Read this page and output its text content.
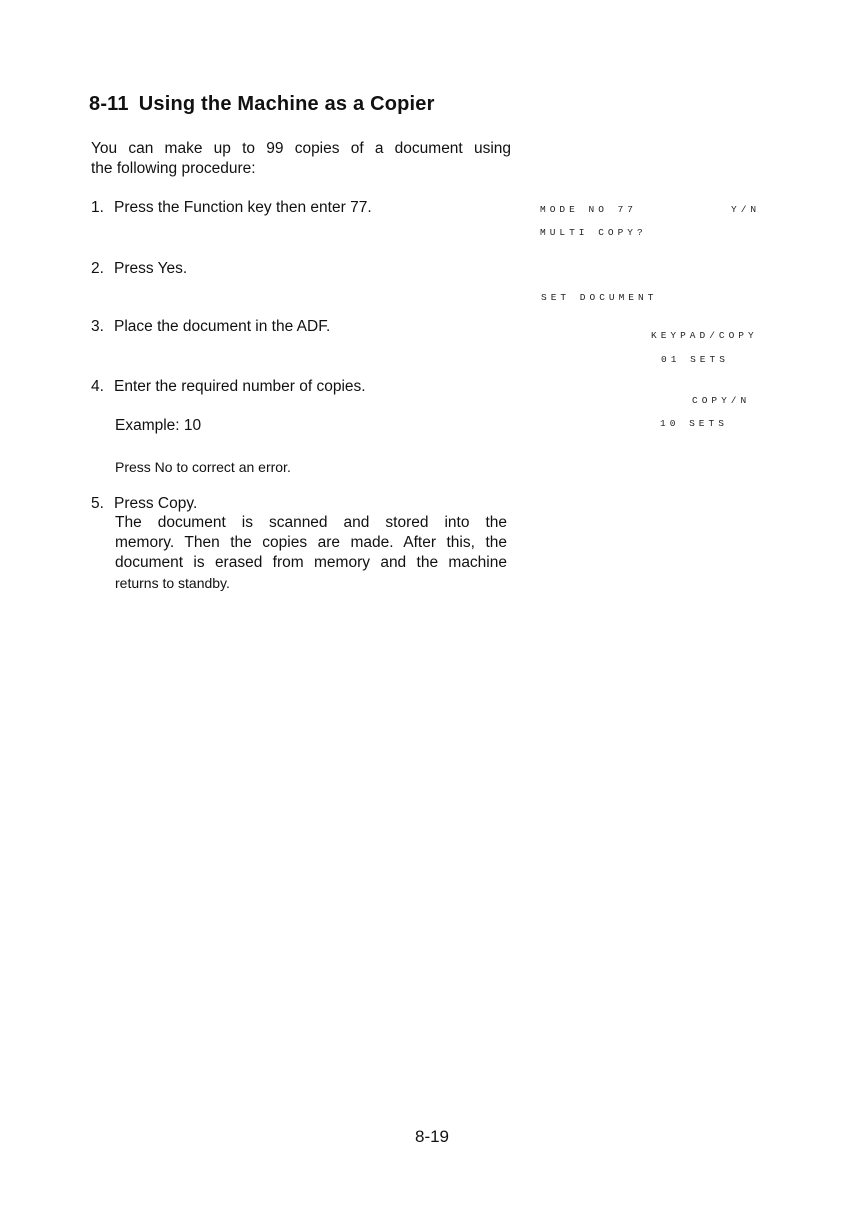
8-11 Using the Machine as a Copier
You can make up to 99 copies of a document using
the following procedure:
1. Press the Function key then enter 77.
2. Press Yes.
3. Place the document in the ADF.
4. Enter the required number of copies.
Example: 10
Press No to correct an error.
5. Press Copy.
The document is scanned and stored into the
memory. Then the copies are made. After this, the
document is erased from memory and the machine
returns to standby.
MODE NO 77	Y/N
MULTI COPY?
SET DOCUMENT
KEYPAD/COPY
01 SETS
COPY/N
10 SETS
8-19
